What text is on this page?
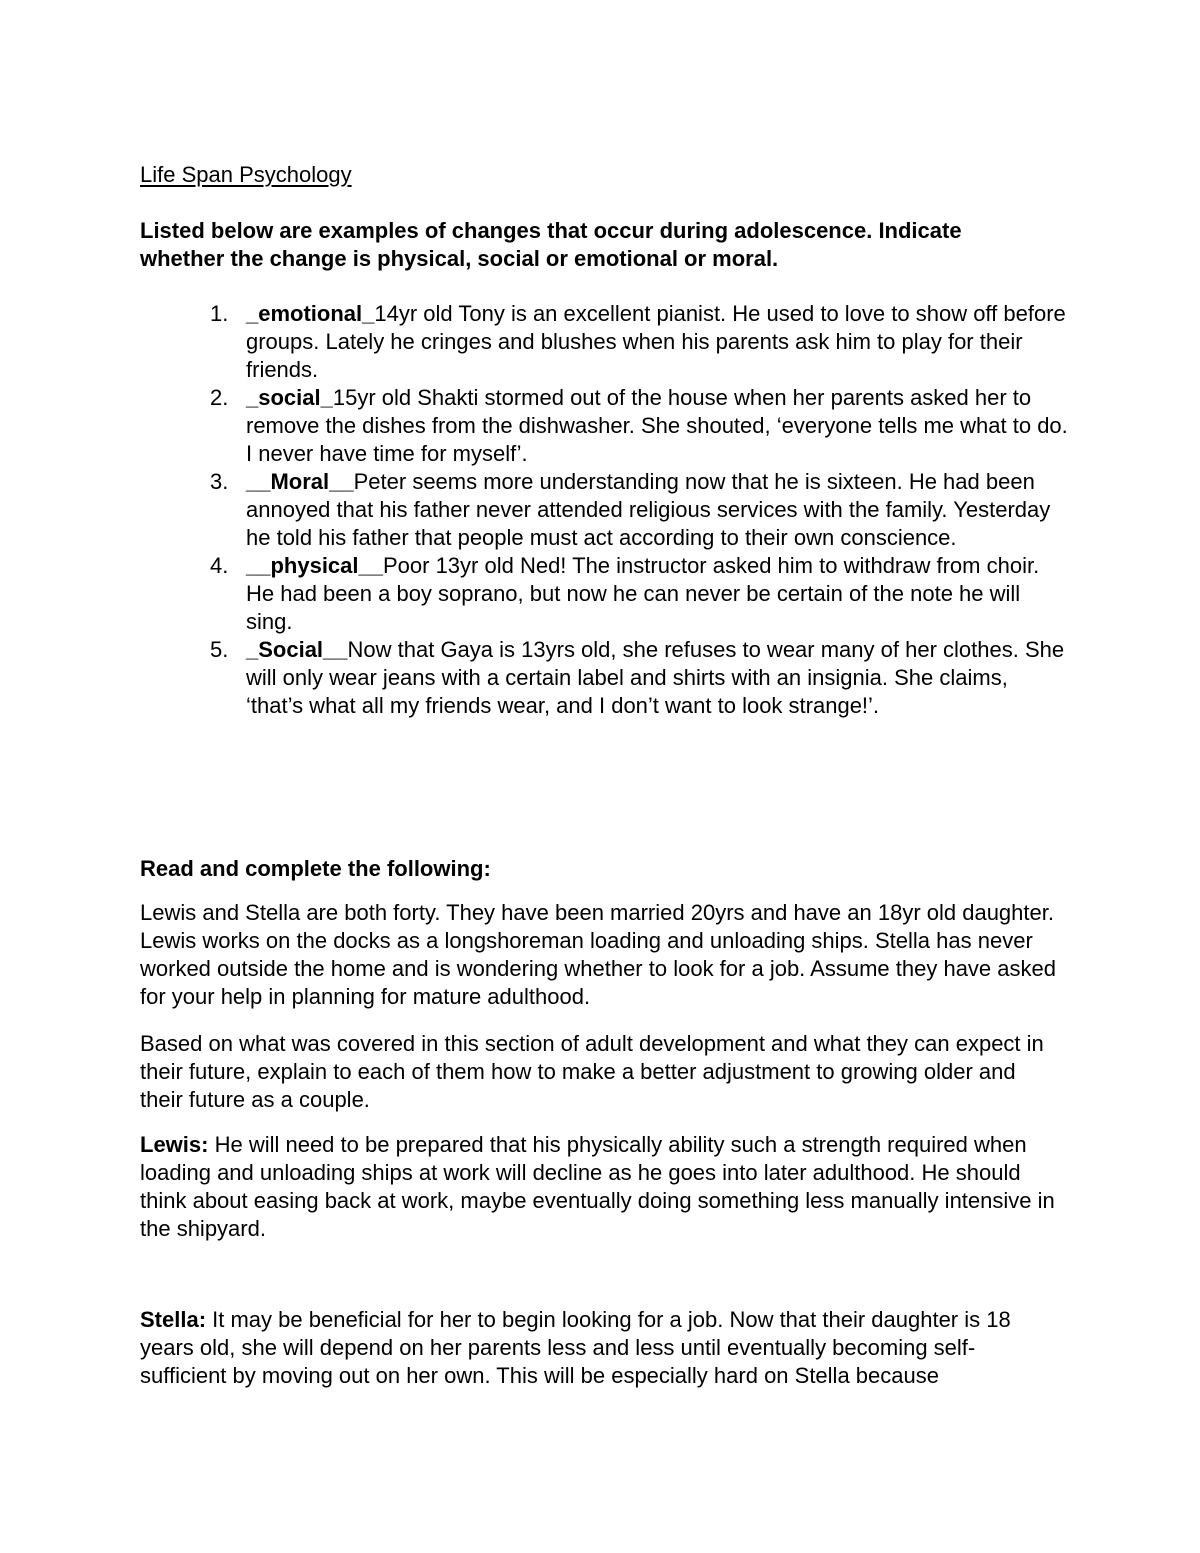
Life Span Psychology
Listed below are examples of changes that occur during adolescence. Indicate whether the change is physical, social or emotional or moral.
1. _emotional_14yr old Tony is an excellent pianist. He used to love to show off before groups. Lately he cringes and blushes when his parents ask him to play for their friends.
2. _social_15yr old Shakti stormed out of the house when her parents asked her to remove the dishes from the dishwasher. She shouted, ‘everyone tells me what to do. I never have time for myself’.
3. __Moral__Peter seems more understanding now that he is sixteen. He had been annoyed that his father never attended religious services with the family. Yesterday he told his father that people must act according to their own conscience.
4. __physical__Poor 13yr old Ned! The instructor asked him to withdraw from choir. He had been a boy soprano, but now he can never be certain of the note he will sing.
5. _Social__Now that Gaya is 13yrs old, she refuses to wear many of her clothes. She will only wear jeans with a certain label and shirts with an insignia. She claims, ‘that’s what all my friends wear, and I don’t want to look strange!’.
Read and complete the following:

Lewis and Stella are both forty. They have been married 20yrs and have an 18yr old daughter. Lewis works on the docks as a longshoreman loading and unloading ships. Stella has never worked outside the home and is wondering whether to look for a job. Assume they have asked for your help in planning for mature adulthood.

Based on what was covered in this section of adult development and what they can expect in their future, explain to each of them how to make a better adjustment to growing older and their future as a couple.

Lewis: He will need to be prepared that his physically ability such a strength required when loading and unloading ships at work will decline as he goes into later adulthood. He should think about easing back at work, maybe eventually doing something less manually intensive in the shipyard.

Stella: It may be beneficial for her to begin looking for a job. Now that their daughter is 18 years old, she will depend on her parents less and less until eventually becoming self-sufficient by moving out on her own. This will be especially hard on Stella because
